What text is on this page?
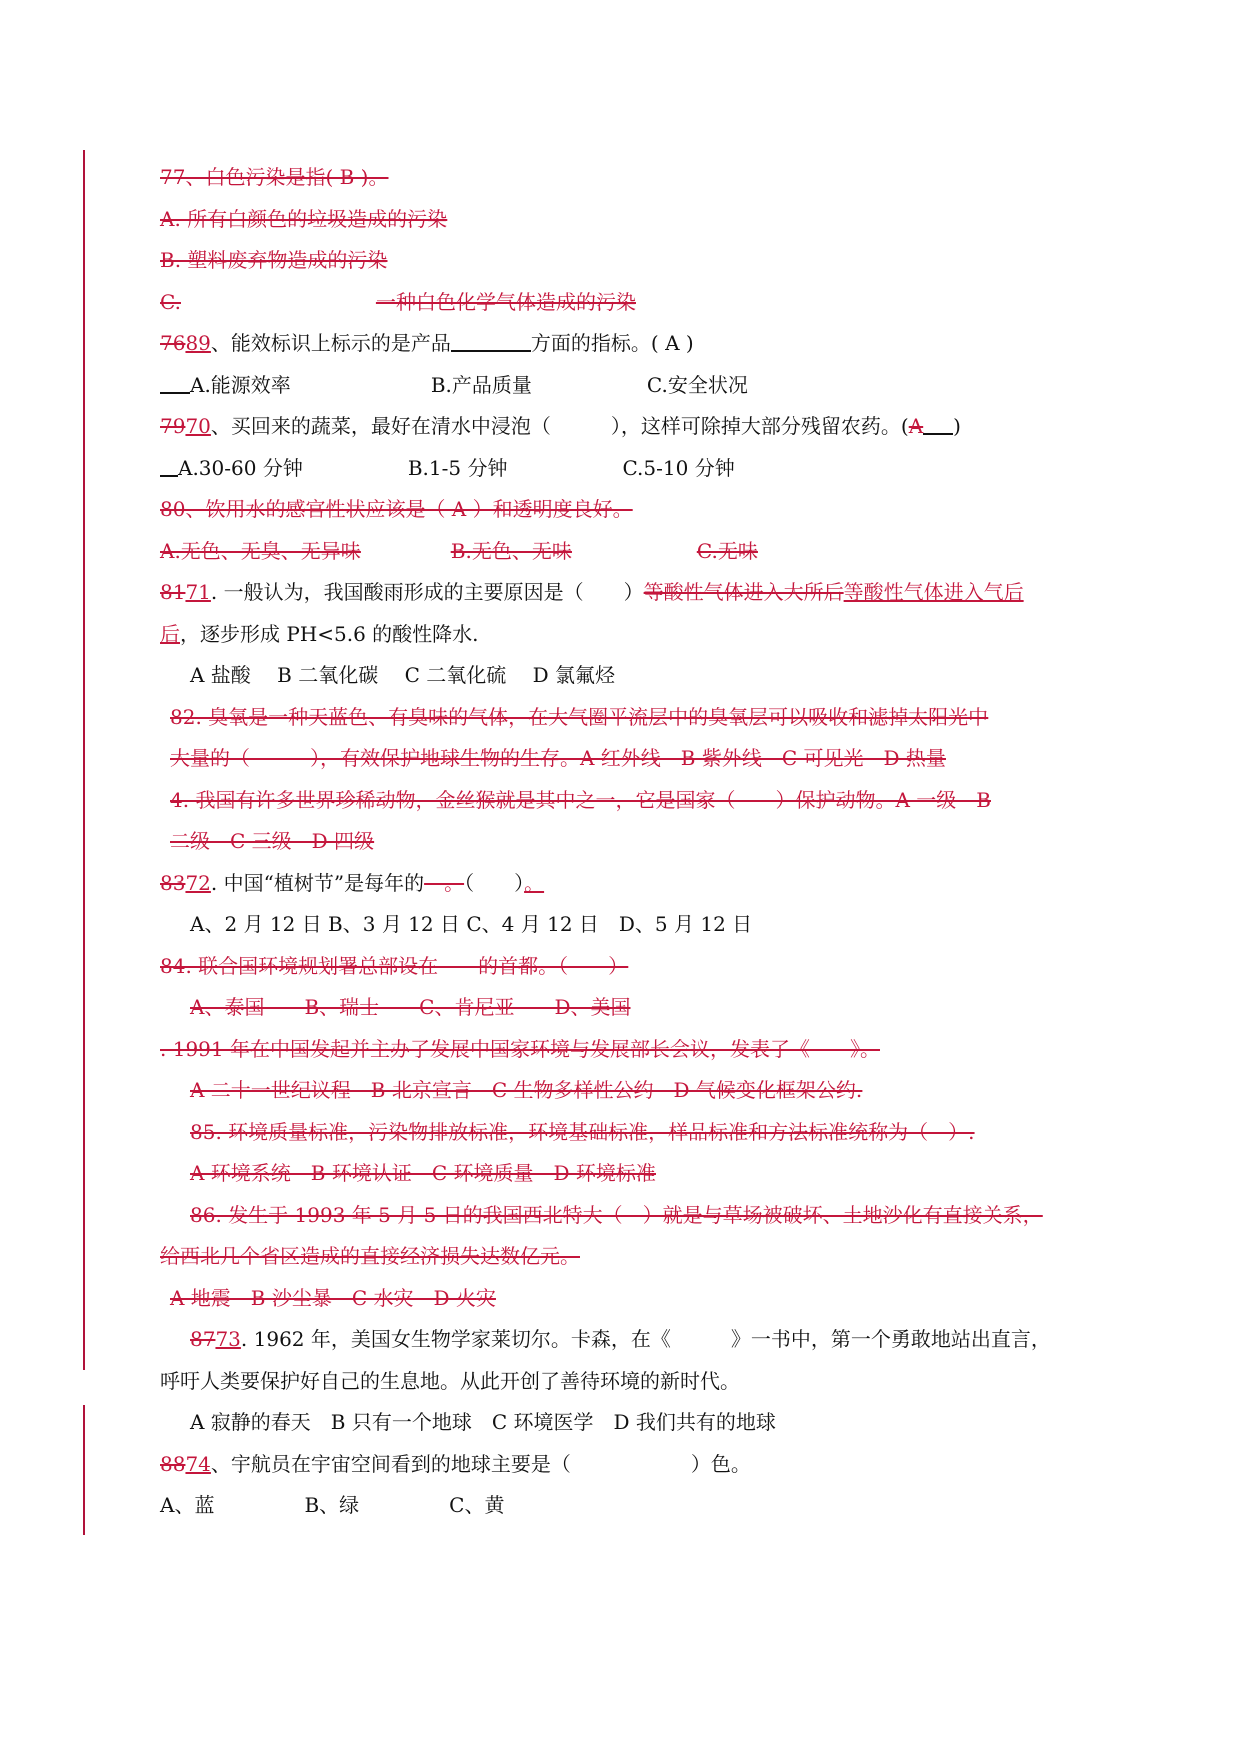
77、白色污染是指( B )。
A. 所有白颜色的垃圾造成的污染
B. 塑料废弃物造成的污染
C.	一种白色化学气体造成的污染
7689、能效标识上标示的是产品	方面的指标。( A )
A.能源效率	B.产品质量	C.安全状况
7970、买回来的蔬菜，最好在清水中浸泡（　　　），这样可除掉大部分残留农药。(A )
A.30-60 分钟	B.1-5 分钟	C.5-10 分钟
80、饮用水的感官性状应该是（ A ）和透明度良好。
A.无色、无臭、无异味	B.无色、无味	C.无味
8171. 一般认为，我国酸雨形成的主要原因是（　　）等酸性气体进入大所后等酸性气体进入气后
后，逐步形成 PH<5.6 的酸性降水.
A 盐酸　 B 二氧化碳　 C 二氧化硫　 D 氯氟烃
82. 臭氧是一种天蓝色、有臭味的气体，在大气圈平流层中的臭氧层可以吸收和滤掉太阳光中
大量的（　　　），有效保护地球生物的生存。A 红外线　B 紫外线　C 可见光　D 热量
4. 我国有许多世界珍稀动物，金丝猴就是其中之一，它是国家（　　）保护动物。A 一级　B
二级　C 三级　D 四级
8372. 中国“植树节”是每年的　。（　　）。
A、2 月 12 日 B、3 月 12 日 C、4 月 12 日　D、5 月 12 日
84. 联合国环境规划署总部设在　　的首都。（　　）
A、泰国　　B、瑞士　　C、肯尼亚　　D、美国
. 1991 年在中国发起并主办了发展中国家环境与发展部长会议，发表了《　　》。
A 二十一世纪议程　B 北京宣言　C 生物多样性公约　D 气候变化框架公约.
85. 环境质量标准，污染物排放标准，环境基础标准，样品标准和方法标准统称为（　）.
A 环境系统　B 环境认证　C 环境质量　D 环境标准
86. 发生于 1993 年 5 月 5 日的我国西北特大（　）就是与草场被破坏、土地沙化有直接关系，
给西北几个省区造成的直接经济损失达数亿元。
A 地震　B 沙尘暴　C 水灾　D 火灾
8773. 1962 年，美国女生物学家莱切尔。卡森，在《　　　》一书中，第一个勇敢地站出直言，
呼吁人类要保护好自己的生息地。从此开创了善待环境的新时代。
A 寂静的春天　B 只有一个地球　C 环境医学　D 我们共有的地球
8874、宇航员在宇宙空间看到的地球主要是（　　　　　　）色。
A、蓝	B、绿	C、黄
